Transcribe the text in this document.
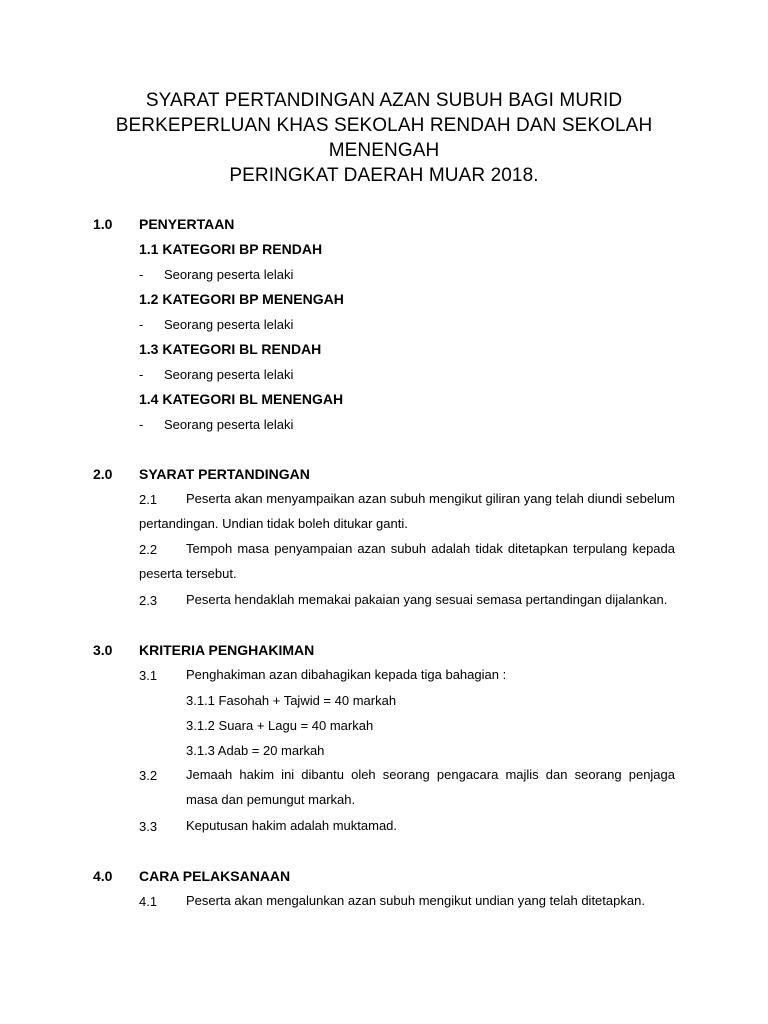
SYARAT PERTANDINGAN AZAN SUBUH BAGI MURID
BERKEPERLUAN KHAS SEKOLAH RENDAH DAN SEKOLAH
MENENGAH
PERINGKAT DAERAH MUAR 2018.
1.0 PENYERTAAN
1.1 KATEGORI BP RENDAH
- Seorang peserta lelaki
1.2 KATEGORI BP MENENGAH
- Seorang peserta lelaki
1.3 KATEGORI BL RENDAH
- Seorang peserta lelaki
1.4 KATEGORI BL MENENGAH
- Seorang peserta lelaki
2.0 SYARAT PERTANDINGAN
2.1	Peserta akan menyampaikan azan subuh mengikut giliran yang telah diundi sebelum pertandingan. Undian tidak boleh ditukar ganti.
2.2	Tempoh masa penyampaian azan subuh adalah tidak ditetapkan terpulang kepada peserta tersebut.
2.3 Peserta hendaklah memakai pakaian yang sesuai semasa pertandingan dijalankan.
3.0 KRITERIA PENGHAKIMAN
3.1 Penghakiman azan dibahagikan kepada tiga bahagian :
3.1.1 Fasohah + Tajwid = 40 markah
3.1.2 Suara + Lagu = 40 markah
3.1.3 Adab = 20 markah
3.2 Jemaah hakim ini dibantu oleh seorang pengacara majlis dan seorang penjaga masa dan pemungut markah.
3.3 Keputusan hakim adalah muktamad.
4.0 CARA PELAKSANAAN
4.1 Peserta akan mengalunkan azan subuh mengikut undian yang telah ditetapkan.
